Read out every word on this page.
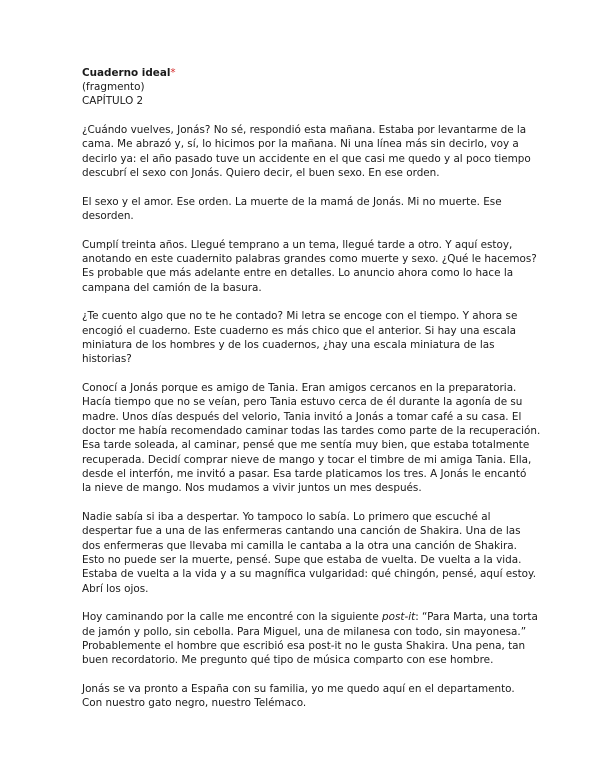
Cuaderno ideal*
(fragmento)
CAPÍTULO 2
¿Cuándo vuelves, Jonás? No sé, respondió esta mañana. Estaba por levantarme de la
cama. Me abrazó y, sí, lo hicimos por la mañana. Ni una línea más sin decirlo, voy a
decirlo ya: el año pasado tuve un accidente en el que casi me quedo y al poco tiempo
descubrí el sexo con Jonás. Quiero decir, el buen sexo. En ese orden.
El sexo y el amor. Ese orden. La muerte de la mamá de Jonás. Mi no muerte. Ese
desorden.
Cumplí treinta años. Llegué temprano a un tema, llegué tarde a otro. Y aquí estoy,
anotando en este cuadernito palabras grandes como muerte y sexo. ¿Qué le hacemos?
Es probable que más adelante entre en detalles. Lo anuncio ahora como lo hace la
campana del camión de la basura.
¿Te cuento algo que no te he contado? Mi letra se encoge con el tiempo. Y ahora se
encogió el cuaderno. Este cuaderno es más chico que el anterior. Si hay una escala
miniatura de los hombres y de los cuadernos, ¿hay una escala miniatura de las
historias?
Conocí a Jonás porque es amigo de Tania. Eran amigos cercanos en la preparatoria.
Hacía tiempo que no se veían, pero Tania estuvo cerca de él durante la agonía de su
madre. Unos días después del velorio, Tania invitó a Jonás a tomar café a su casa. El
doctor me había recomendado caminar todas las tardes como parte de la recuperación.
Esa tarde soleada, al caminar, pensé que me sentía muy bien, que estaba totalmente
recuperada. Decidí comprar nieve de mango y tocar el timbre de mi amiga Tania. Ella,
desde el interfón, me invitó a pasar. Esa tarde platicamos los tres. A Jonás le encantó
la nieve de mango. Nos mudamos a vivir juntos un mes después.
Nadie sabía si iba a despertar. Yo tampoco lo sabía. Lo primero que escuché al
despertar fue a una de las enfermeras cantando una canción de Shakira. Una de las
dos enfermeras que llevaba mi camilla le cantaba a la otra una canción de Shakira.
Esto no puede ser la muerte, pensé. Supe que estaba de vuelta. De vuelta a la vida.
Estaba de vuelta a la vida y a su magnífica vulgaridad: qué chingón, pensé, aquí estoy.
Abrí los ojos.
Hoy caminando por la calle me encontré con la siguiente post-it: “Para Marta, una torta
de jamón y pollo, sin cebolla. Para Miguel, una de milanesa con todo, sin mayonesa.”
Probablemente el hombre que escribió esa post-it no le gusta Shakira. Una pena, tan
buen recordatorio. Me pregunto qué tipo de música comparto con ese hombre.
Jonás se va pronto a España con su familia, yo me quedo aquí en el departamento.
Con nuestro gato negro, nuestro Telémaco.
